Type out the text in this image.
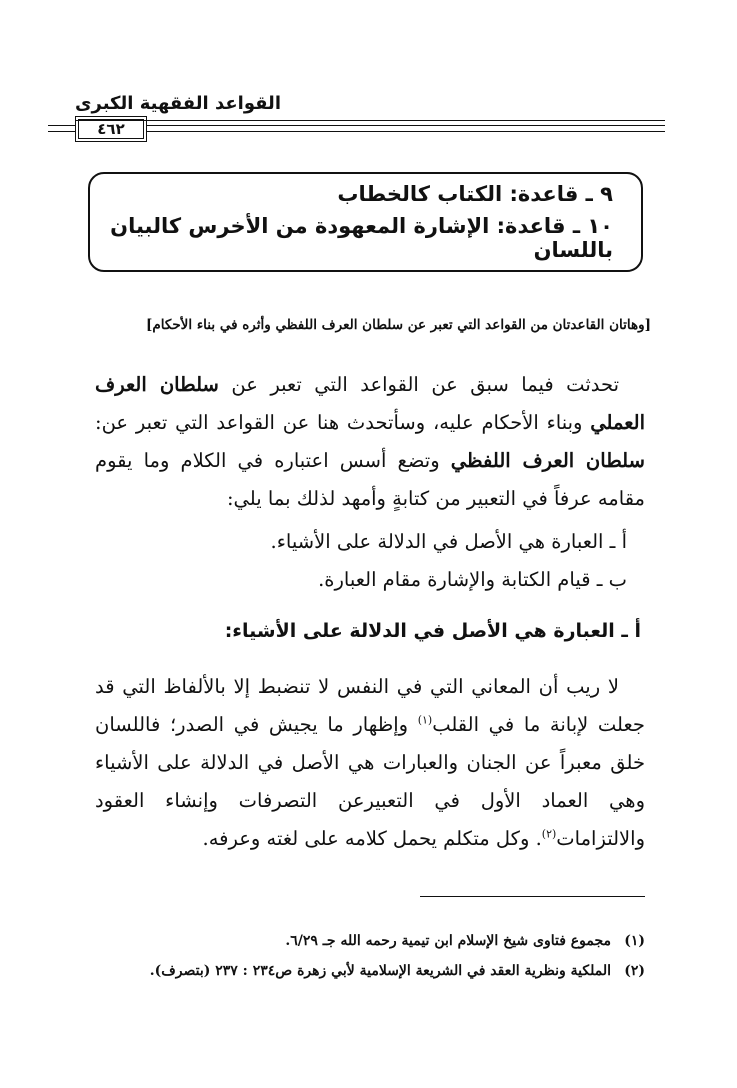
القواعد الفقهية الكبرى
٤٦٢
٩ ـ قاعدة: الكتاب كالخطاب
١٠ ـ قاعدة: الإشارة المعهودة من الأخرس كالبيان باللسان
[وهاتان القاعدتان من القواعد التي تعبر عن سلطان العرف اللفظي وأثره في بناء الأحكام]
تحدثت فيما سبق عن القواعد التي تعبر عن سلطان العرف العملي وبناء الأحكام عليه، وسأتحدث هنا عن القواعد التي تعبر عن: سلطان العرف اللفظي وتضع أسس اعتباره في الكلام وما يقوم مقامه عرفاً في التعبير من كتابةٍ وأمهد لذلك بما يلي:
أ ـ العبارة هي الأصل في الدلالة على الأشياء.
ب ـ قيام الكتابة والإشارة مقام العبارة.
أ ـ العبارة هي الأصل في الدلالة على الأشياء:
لا ريب أن المعاني التي في النفس لا تنضبط إلا بالألفاظ التي قد جعلت لإبانة ما في القلب$^{(١)}$ وإظهار ما يجيش في الصدر؛ فاللسان خلق معبراً عن الجنان والعبارات هي الأصل في الدلالة على الأشياء وهي العماد الأول في التعبيرعن التصرفات وإنشاء العقود والالتزامات$^{(٢)}$. وكل متكلم يحمل كلامه على لغته وعرفه.
(١)مجموع فتاوى شيخ الإسلام ابن تيمية رحمه الله جـ ٦/٢٩.
(٢)الملكية ونظرية العقد في الشريعة الإسلامية لأبي زهرة ص٢٣٤ : ٢٣٧ (بتصرف).
